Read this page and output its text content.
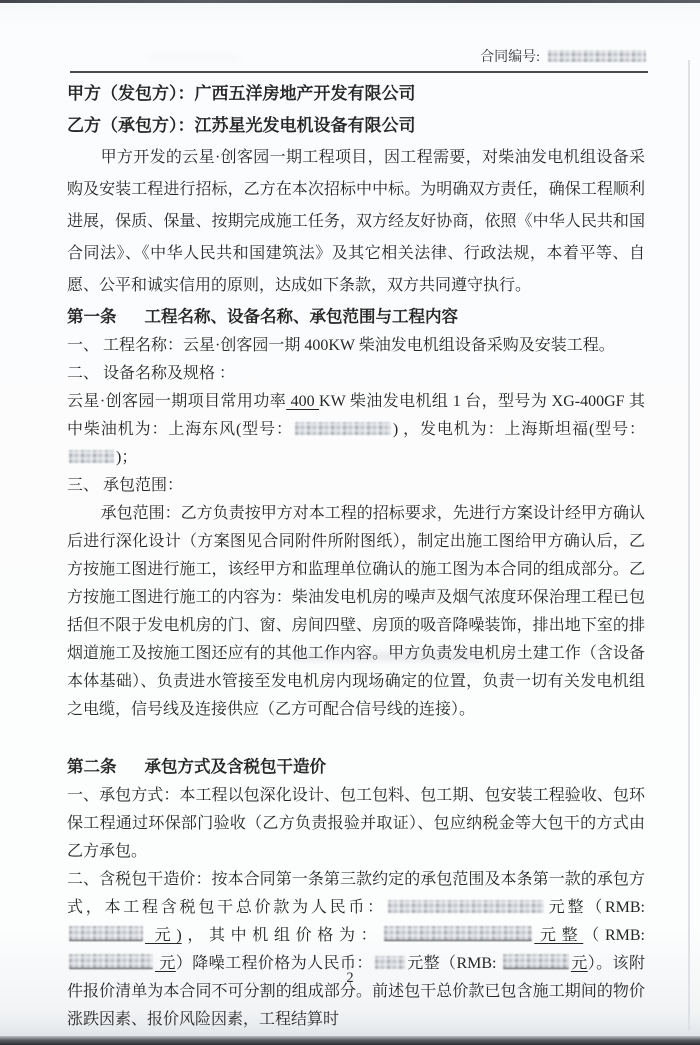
合同编号:

甲方（发包方）：广西五洋房地产开发有限公司

乙方（承包方）：江苏星光发电机设备有限公司

甲方开发的云星·创客园一期工程项目，因工程需要，对柴油发电机组设备采购及安装工程进行招标，乙方在本次招标中中标。为明确双方责任，确保工程顺利进展，保质、保量、按期完成施工任务，双方经友好协商，依照《中华人民共和国合同法》、《中华人民共和国建筑法》及其它相关法律、行政法规，本着平等、自愿、公平和诚实信用的原则，达成如下条款，双方共同遵守执行。

第一条 工程名称、设备名称、承包范围与工程内容

一、 工程名称：云星·创客园一期 400KW 柴油发电机组设备采购及安装工程。

二、 设备名称及规格 ：

云星·创客园一期项目常用功率 400 KW 柴油发电机组 1 台，型号为 XG-400GF 其中柴油机为：上海东风(型号：	) ，发电机为：上海斯坦福(型号：)；

三、 承包范围：

承包范围：乙方负责按甲方对本工程的招标要求，先进行方案设计经甲方确认后进行深化设计（方案图见合同附件所附图纸），制定出施工图给甲方确认后，乙方按施工图进行施工，该经甲方和监理单位确认的施工图为本合同的组成部分。乙方按施工图进行施工的内容为：柴油发电机房的噪声及烟气浓度环保治理工程已包括但不限于发电机房的门、窗、房间四壁、房顶的吸音降噪装饰，排出地下室的排烟道施工及按施工图还应有的其他工作内容。甲方负责发电机房土建工作（含设备本体基础）、负责进水管接至发电机房内现场确定的位置，负责一切有关发电机组之电缆，信号线及连接供应（乙方可配合信号线的连接）。

第二条 承包方式及含税包干造价

一、承包方式：本工程以包深化设计、包工包料、包工期、包安装工程验收、包环保工程通过环保部门验收（乙方负责报验并取证）、包应纳税金等大包干的方式由乙方承包。

二、含税包干造价：按本合同第一条第三款约定的承包范围及本条第一款的承包方式，本工程含税包干总价款为人民币：	元整（RMB:  元)，其中机组价格为：	元整（RMB:  元）降噪工程价格为人民币： 元整（RMB:	元）。该附件报价清单为本合同不可分割的组成部分。前述包干总价款已包含施工期间的物价涨跌因素、报价风险因素，工程结算时

2
